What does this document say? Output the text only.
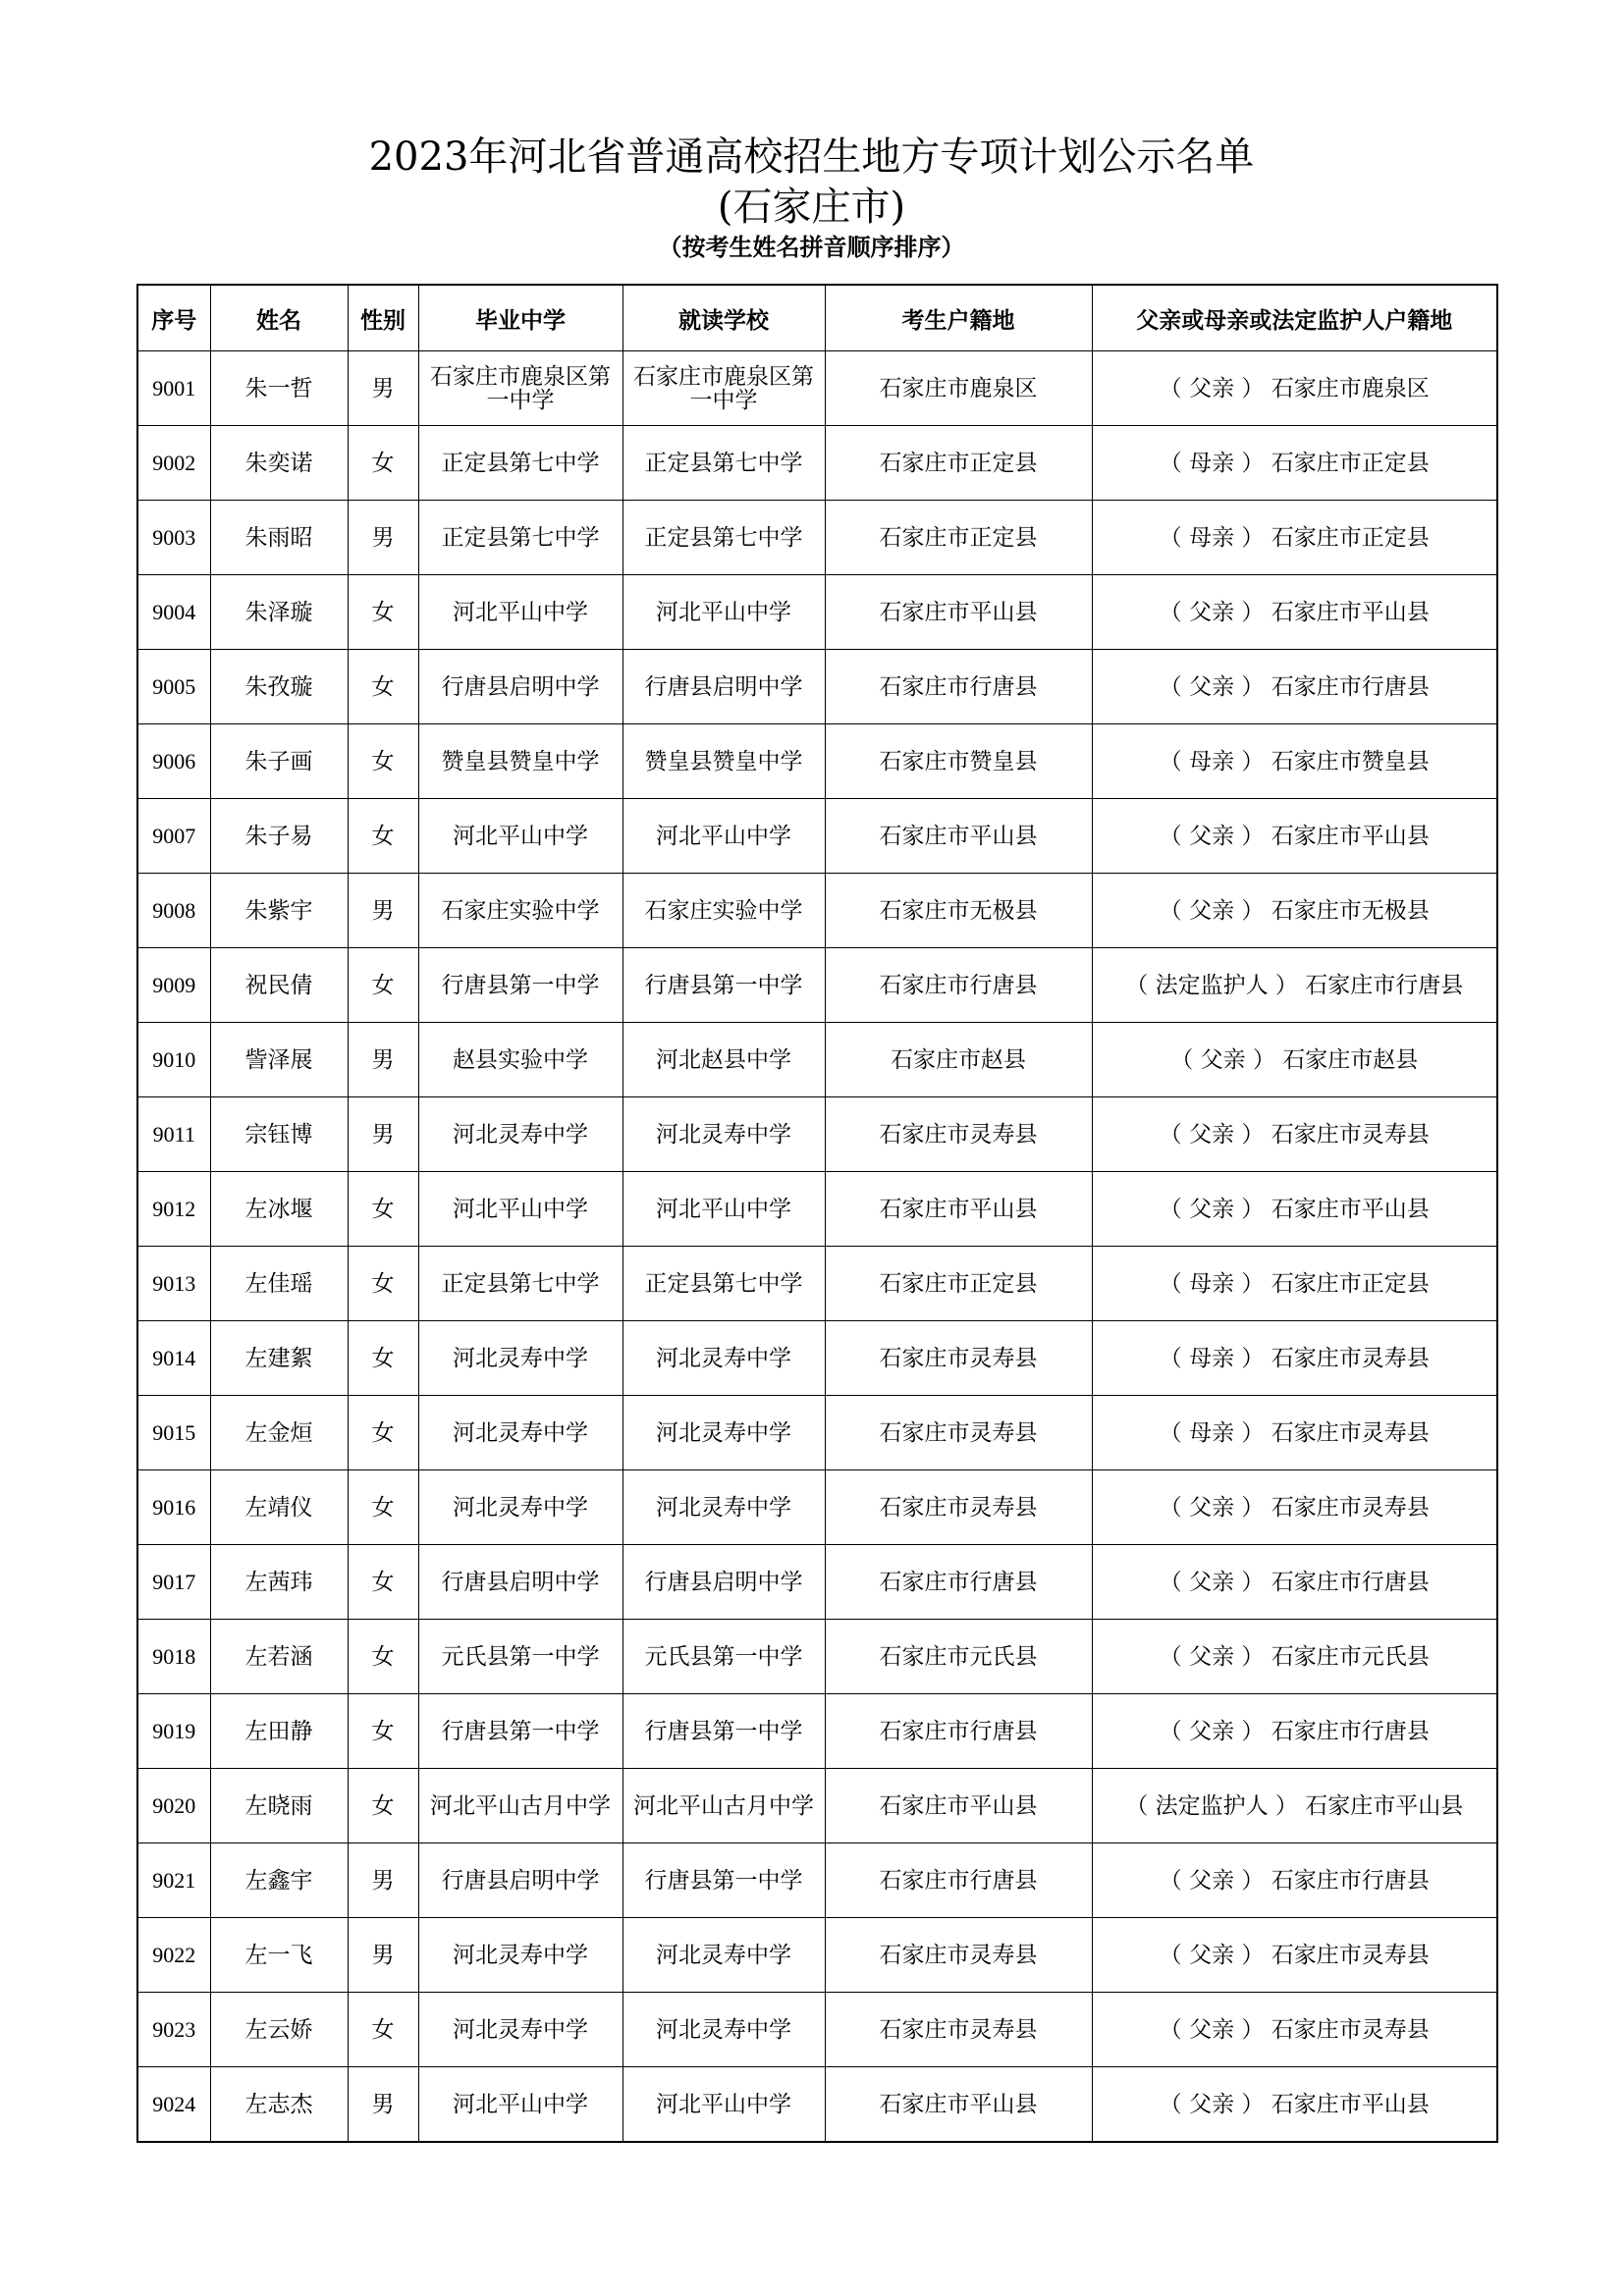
2023年河北省普通高校招生地方专项计划公示名单
(石家庄市)
（按考生姓名拼音顺序排序）
序号	姓名	性别	毕业中学	就读学校	考生户籍地	父亲或母亲或法定监护人户籍地
9001	朱一哲	男	石家庄市鹿泉区第一中学	石家庄市鹿泉区第一中学	石家庄市鹿泉区	（ 父亲 ） 石家庄市鹿泉区
9002	朱奕诺	女	正定县第七中学	正定县第七中学	石家庄市正定县	（ 母亲 ） 石家庄市正定县
9003	朱雨昭	男	正定县第七中学	正定县第七中学	石家庄市正定县	（ 母亲 ） 石家庄市正定县
9004	朱泽璇	女	河北平山中学	河北平山中学	石家庄市平山县	（ 父亲 ） 石家庄市平山县
9005	朱孜璇	女	行唐县启明中学	行唐县启明中学	石家庄市行唐县	（ 父亲 ） 石家庄市行唐县
9006	朱子画	女	赞皇县赞皇中学	赞皇县赞皇中学	石家庄市赞皇县	（ 母亲 ） 石家庄市赞皇县
9007	朱子易	女	河北平山中学	河北平山中学	石家庄市平山县	（ 父亲 ） 石家庄市平山县
9008	朱紫宇	男	石家庄实验中学	石家庄实验中学	石家庄市无极县	（ 父亲 ） 石家庄市无极县
9009	祝民倩	女	行唐县第一中学	行唐县第一中学	石家庄市行唐县	（ 法定监护人 ） 石家庄市行唐县
9010	訾泽展	男	赵县实验中学	河北赵县中学	石家庄市赵县	（ 父亲 ） 石家庄市赵县
9011	宗钰博	男	河北灵寿中学	河北灵寿中学	石家庄市灵寿县	（ 父亲 ） 石家庄市灵寿县
9012	左冰堰	女	河北平山中学	河北平山中学	石家庄市平山县	（ 父亲 ） 石家庄市平山县
9013	左佳瑶	女	正定县第七中学	正定县第七中学	石家庄市正定县	（ 母亲 ） 石家庄市正定县
9014	左建絮	女	河北灵寿中学	河北灵寿中学	石家庄市灵寿县	（ 母亲 ） 石家庄市灵寿县
9015	左金烜	女	河北灵寿中学	河北灵寿中学	石家庄市灵寿县	（ 母亲 ） 石家庄市灵寿县
9016	左靖仪	女	河北灵寿中学	河北灵寿中学	石家庄市灵寿县	（ 父亲 ） 石家庄市灵寿县
9017	左茜玮	女	行唐县启明中学	行唐县启明中学	石家庄市行唐县	（ 父亲 ） 石家庄市行唐县
9018	左若涵	女	元氏县第一中学	元氏县第一中学	石家庄市元氏县	（ 父亲 ） 石家庄市元氏县
9019	左田静	女	行唐县第一中学	行唐县第一中学	石家庄市行唐县	（ 父亲 ） 石家庄市行唐县
9020	左晓雨	女	河北平山古月中学	河北平山古月中学	石家庄市平山县	（ 法定监护人 ） 石家庄市平山县
9021	左鑫宇	男	行唐县启明中学	行唐县第一中学	石家庄市行唐县	（ 父亲 ） 石家庄市行唐县
9022	左一飞	男	河北灵寿中学	河北灵寿中学	石家庄市灵寿县	（ 父亲 ） 石家庄市灵寿县
9023	左云娇	女	河北灵寿中学	河北灵寿中学	石家庄市灵寿县	（ 父亲 ） 石家庄市灵寿县
9024	左志杰	男	河北平山中学	河北平山中学	石家庄市平山县	（ 父亲 ） 石家庄市平山县
